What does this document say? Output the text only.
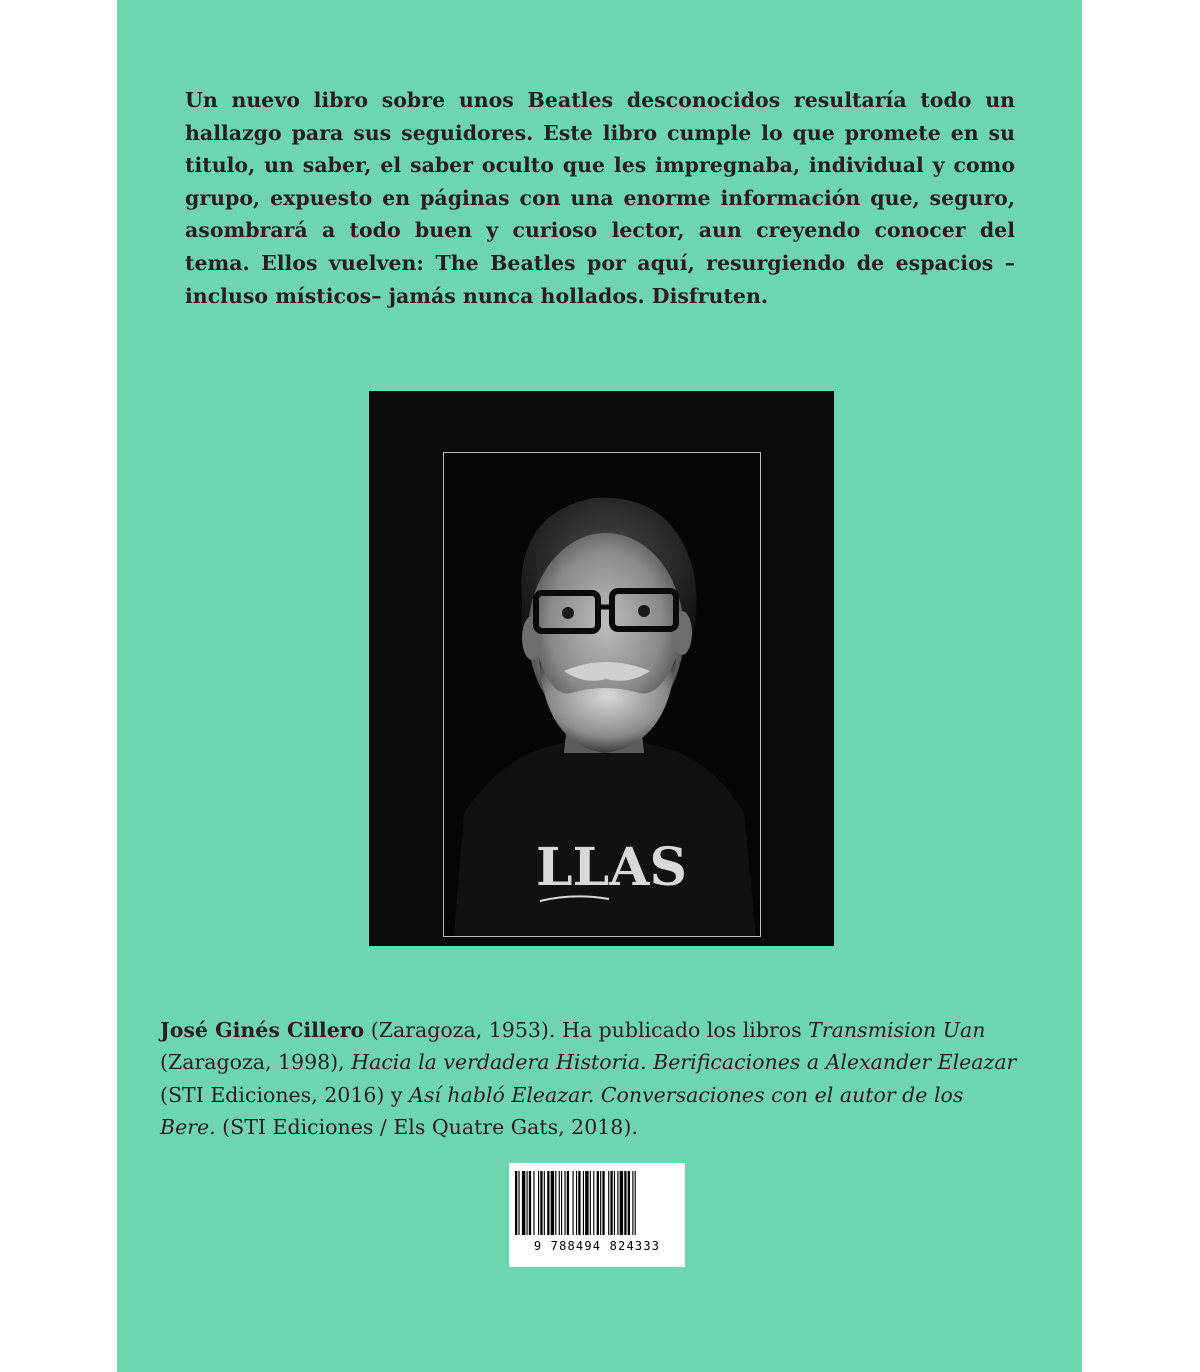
Un nuevo libro sobre unos Beatles desconocidos resultaría todo un hallazgo para sus seguidores. Este libro cumple lo que promete en su titulo, un saber, el saber oculto que les impregnaba, individual y como grupo, expuesto en páginas con una enorme información que, seguro, asombrará a todo buen y curioso lector, aun creyendo conocer del tema. Ellos vuelven: The Beatles por aquí, resurgiendo de espacios –incluso místicos– jamás nunca hollados. Disfruten.

LLAS

José Ginés Cillero (Zaragoza, 1953). Ha publicado los libros Transmision Uan (Zaragoza, 1998), Hacia la verdadera Historia. Berificaciones a Alexander Eleazar (STI Ediciones, 2016) y Así habló Eleazar. Conversaciones con el autor de los Bere. (STI Ediciones / Els Quatre Gats, 2018).

9 788494 824333
